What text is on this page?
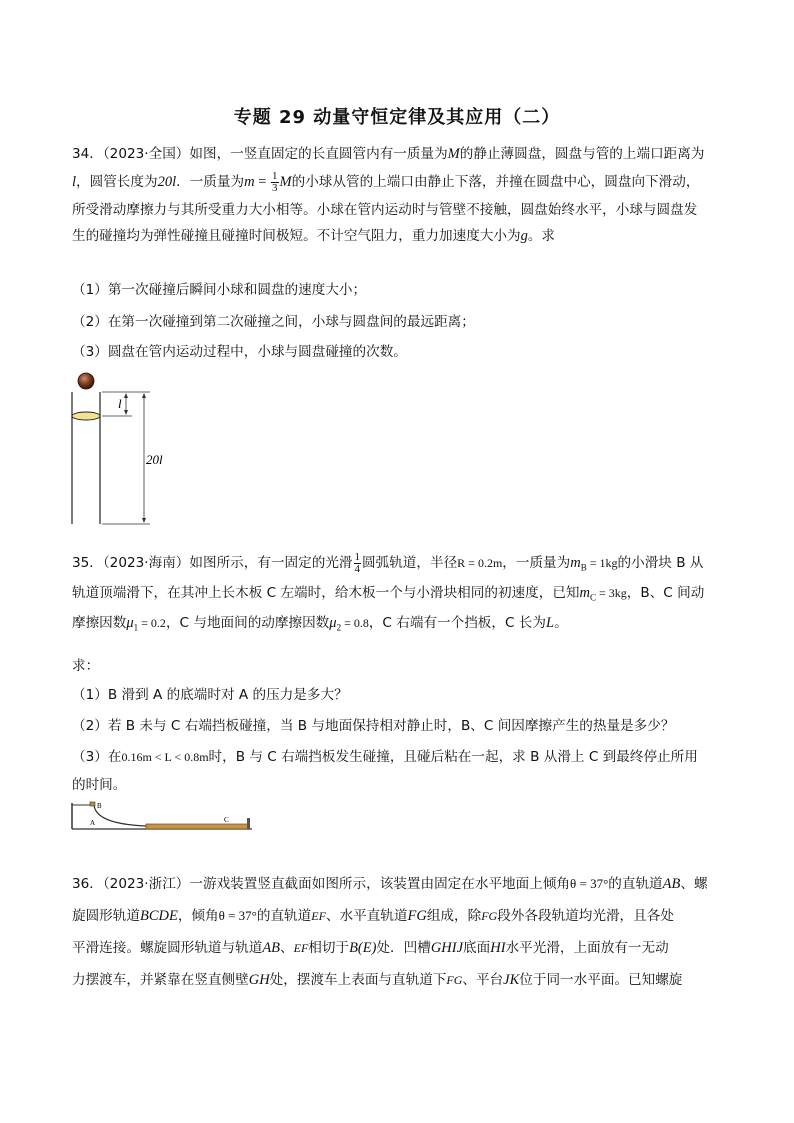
专题 29 动量守恒定律及其应用（二）
34．（2023·全国）如图，一竖直固定的长直圆管内有一质量为M的静止薄圆盘，圆盘与管的上端口距离为
l，圆管长度为20l．一质量为$m = \frac{1}{3}$ M的小球从管的上端口由静止下落，并撞在圆盘中心，圆盘向下滑动，
所受滑动摩擦力与其所受重力大小相等。小球在管内运动时与管壁不接触，圆盘始终水平，小球与圆盘发
生的碰撞均为弹性碰撞且碰撞时间极短。不计空气阻力，重力加速度大小为g。求
（1）第一次碰撞后瞬间小球和圆盘的速度大小；
（2）在第一次碰撞到第二次碰撞之间，小球与圆盘间的最远距离；
（3）圆盘在管内运动过程中，小球与圆盘碰撞的次数。
l
20l
35．（2023·海南）如图所示，有一固定的光滑 $\frac{1}{4}$ 圆弧轨道，半径R = 0.2m，一质量为$m_B = 1kg$的小滑块 B 从
轨道顶端滑下，在其冲上长木板 C 左端时，给木板一个与小滑块相同的初速度，已知$m_C = 3kg$，B、C 间动
摩擦因数$\mu_1 = 0.2$，C 与地面间的动摩擦因数$\mu_2 = 0.8$，C 右端有一个挡板，C 长为L。
求：
（1）B 滑到 A 的底端时对 A 的压力是多大？
（2）若 B 未与 C 右端挡板碰撞，当 B 与地面保持相对静止时，B、C 间因摩擦产生的热量是多少？
（3）在0.16m < L < 0.8m时，B 与 C 右端挡板发生碰撞，且碰后粘在一起，求 B 从滑上 C 到最终停止所用
的时间。
B
A	C
36．（2023·浙江）一游戏装置竖直截面如图所示，该装置由固定在水平地面上倾角θ = 37°的直轨道AB、螺
旋圆形轨道BCDE，倾角θ = 37°的直轨道EF、水平直轨道FG组成，除FG段外各段轨道均光滑，且各处
平滑连接。螺旋圆形轨道与轨道AB、EF相切于B(E)处．凹槽GHIJ底面HI水平光滑，上面放有一无动
力摆渡车，并紧靠在竖直侧壁GH处，摆渡车上表面与直轨道下FG、平台JK位于同一水平面。已知螺旋
